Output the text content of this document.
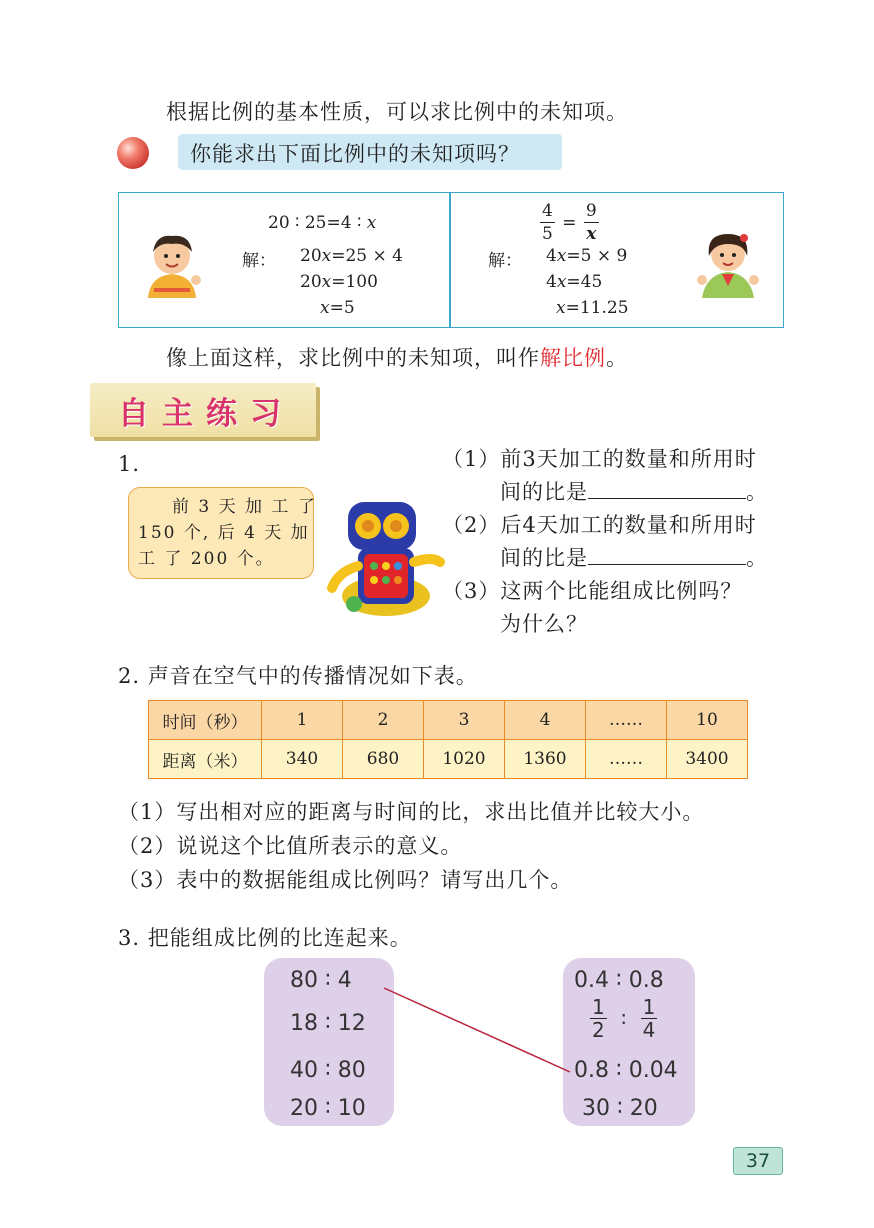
根据比例的基本性质，可以求比例中的未知项。
你能求出下面比例中的未知项吗？
20 ∶ 25=4 ∶ x
解： 20x=25 × 4
20x=100
x=5
$\frac{4}{5} = \frac{9}{x}$
解： 4x=5 × 9
4x=45
x=11.25
像上面这样，求比例中的未知项，叫作解比例。
自主练习
1.
前 3 天 加 工 了
150 个, 后 4 天 加
工 了 200 个。
（1）前3天加工的数量和所用时
间的比是	。
（2）后4天加工的数量和所用时
间的比是	。
（3）这两个比能组成比例吗？
为什么？
2. 声音在空气中的传播情况如下表。
时间（秒）	1	2	3	4	……	10
距离（米）	340	680	1020	1360	……	3400
（1）写出相对应的距离与时间的比，求出比值并比较大小。
（2）说说这个比值所表示的意义。
（3）表中的数据能组成比例吗？请写出几个。
3. 把能组成比例的比连起来。
80 ∶ 4
18 ∶ 12
40 ∶ 80
20 ∶ 10
0.4 ∶ 0.8
$\frac{1}{2}$ ∶ $\frac{1}{4}$
0.8 ∶ 0.04
30 ∶ 20
37
